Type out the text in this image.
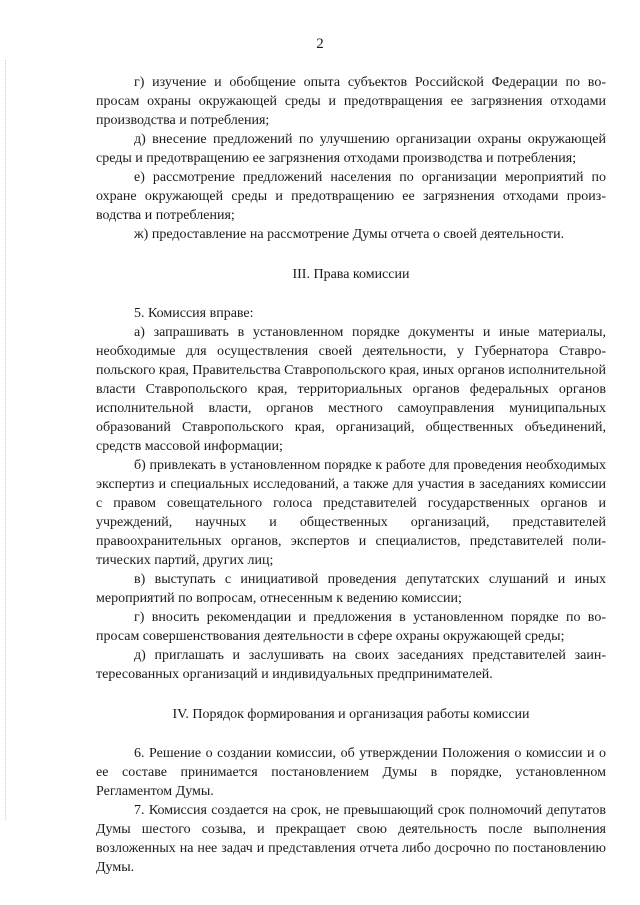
2

г) изучение и обобщение опыта субъектов Российской Федерации по вопросам охраны окружающей среды и предотвращения ее загрязнения отходами производства и потребления;

д) внесение предложений по улучшению организации охраны окружающей среды и предотвращению ее загрязнения отходами производства и потребления;

е) рассмотрение предложений населения по организации мероприятий по охране окружающей среды и предотвращению ее загрязнения отходами производства и потребления;

ж) предоставление на рассмотрение Думы отчета о своей деятельности.

III. Права комиссии

5. Комиссия вправе:

а) запрашивать в установленном порядке документы и иные материалы, необходимые для осуществления своей деятельности, у Губернатора Ставропольского края, Правительства Ставропольского края, иных органов исполнительной власти Ставропольского края, территориальных органов федеральных органов исполнительной власти, органов местного самоуправления муниципальных образований Ставропольского края, организаций, общественных объединений, средств массовой информации;

б) привлекать в установленном порядке к работе для проведения необходимых экспертиз и специальных исследований, а также для участия в заседаниях комиссии с правом совещательного голоса представителей государственных органов и учреждений, научных и общественных организаций, представителей правоохранительных органов, экспертов и специалистов, представителей политических партий, других лиц;

в) выступать с инициативой проведения депутатских слушаний и иных мероприятий по вопросам, отнесенным к ведению комиссии;

г) вносить рекомендации и предложения в установленном порядке по вопросам совершенствования деятельности в сфере охраны окружающей среды;

д) приглашать и заслушивать на своих заседаниях представителей заинтересованных организаций и индивидуальных предпринимателей.

IV. Порядок формирования и организация работы комиссии

6. Решение о создании комиссии, об утверждении Положения о комиссии и о ее составе принимается постановлением Думы в порядке, установленном Регламентом Думы.

7. Комиссия создается на срок, не превышающий срок полномочий депутатов Думы шестого созыва, и прекращает свою деятельность после выполнения возложенных на нее задач и представления отчета либо досрочно по постановлению Думы.
